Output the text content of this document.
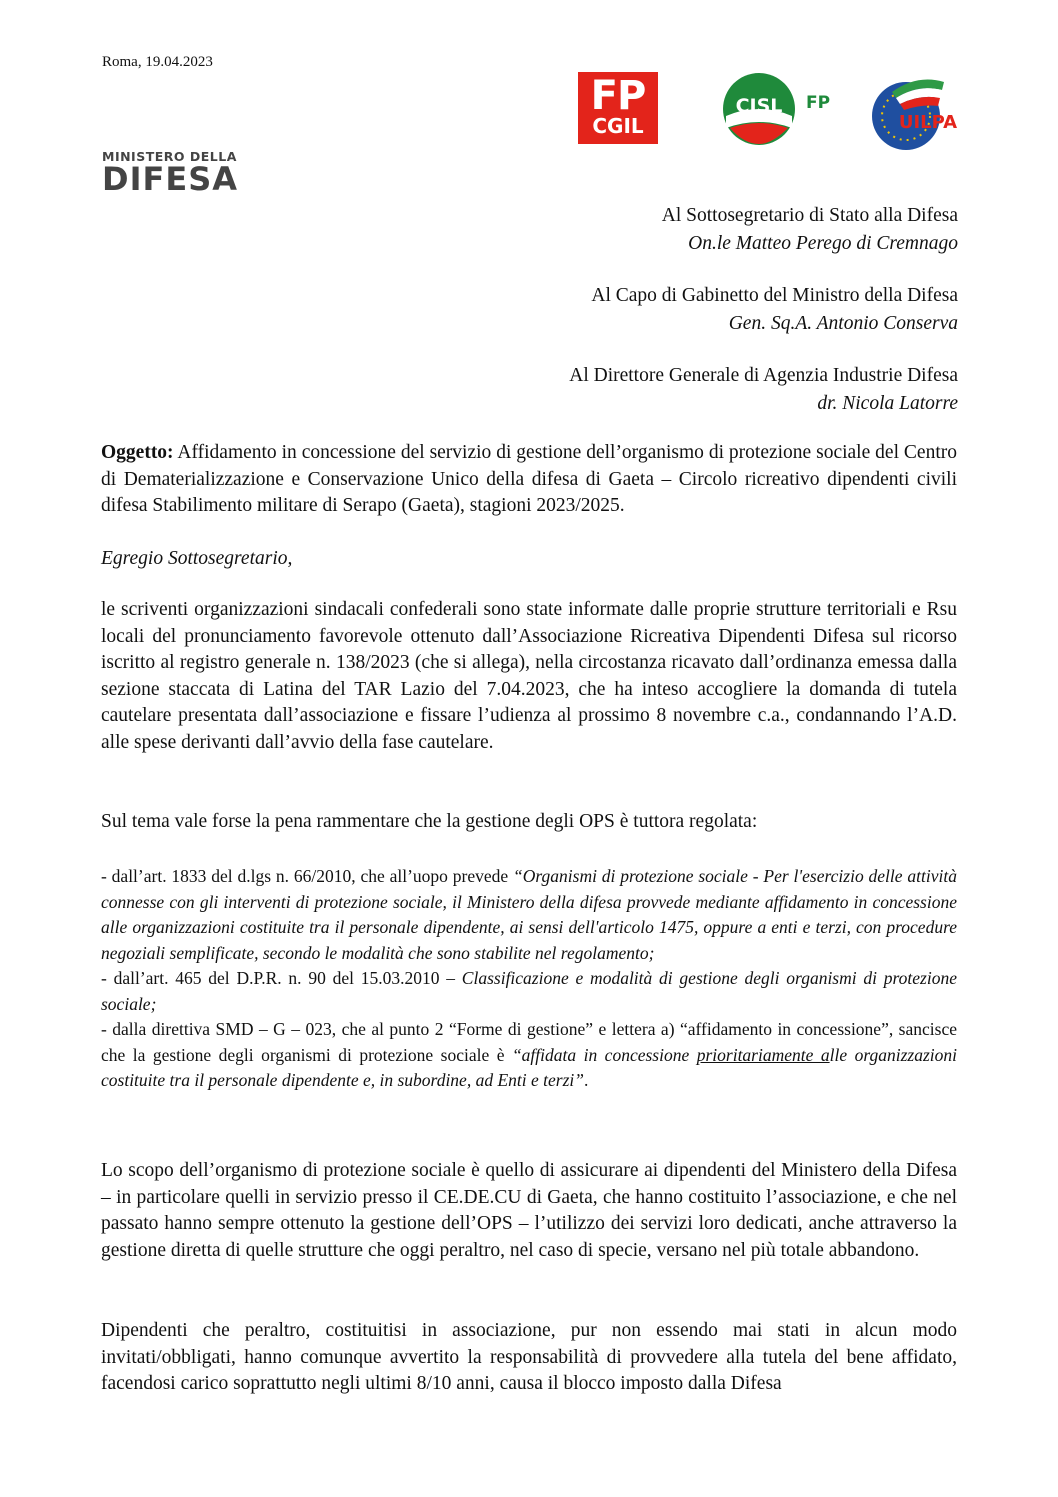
Roma, 19.04.2023
MINISTERO DELLA
DIFESA
FP
CGIL
CISL FP
UILPA
Al Sottosegretario di Stato alla Difesa
On.le Matteo Perego di Cremnago
Al Capo di Gabinetto del Ministro della Difesa
Gen. Sq.A. Antonio Conserva
Al Direttore Generale di Agenzia Industrie Difesa
dr. Nicola Latorre
Oggetto: Affidamento in concessione del servizio di gestione dell’organismo di protezione sociale del Centro di Dematerializzazione e Conservazione Unico della difesa di Gaeta – Circolo ricreativo dipendenti civili difesa Stabilimento militare di Serapo (Gaeta), stagioni 2023/2025.
Egregio Sottosegretario,
le scriventi organizzazioni sindacali confederali sono state informate dalle proprie strutture territoriali e Rsu locali del pronunciamento favorevole ottenuto dall’Associazione Ricreativa Dipendenti Difesa sul ricorso iscritto al registro generale n. 138/2023 (che si allega), nella circostanza ricavato dall’ordinanza emessa dalla sezione staccata di Latina del TAR Lazio del 7.04.2023, che ha inteso accogliere la domanda di tutela cautelare presentata dall’associazione e fissare l’udienza al prossimo 8 novembre c.a., condannando l’A.D. alle spese derivanti dall’avvio della fase cautelare.
Sul tema vale forse la pena rammentare che la gestione degli OPS è tuttora regolata:
- dall’art. 1833 del d.lgs n. 66/2010, che all’uopo prevede “Organismi di protezione sociale - Per l'esercizio delle attività connesse con gli interventi di protezione sociale, il Ministero della difesa provvede mediante affidamento in concessione alle organizzazioni costituite tra il personale dipendente, ai sensi dell'articolo 1475, oppure a enti e terzi, con procedure negoziali semplificate, secondo le modalità che sono stabilite nel regolamento;
- dall’art. 465 del D.P.R. n. 90 del 15.03.2010 – Classificazione e modalità di gestione degli organismi di protezione sociale;
- dalla direttiva SMD – G – 023, che al punto 2 “Forme di gestione” e lettera a) “affidamento in concessione”, sancisce che la gestione degli organismi di protezione sociale è “affidata in concessione prioritariamente alle organizzazioni costituite tra il personale dipendente e, in subordine, ad Enti e terzi”.
Lo scopo dell’organismo di protezione sociale è quello di assicurare ai dipendenti del Ministero della Difesa – in particolare quelli in servizio presso il CE.DE.CU di Gaeta, che hanno costituito l’associazione, e che nel passato hanno sempre ottenuto la gestione dell’OPS – l’utilizzo dei servizi loro dedicati, anche attraverso la gestione diretta di quelle strutture che oggi peraltro, nel caso di specie, versano nel più totale abbandono.
Dipendenti che peraltro, costituitisi in associazione, pur non essendo mai stati in alcun modo invitati/obbligati, hanno comunque avvertito la responsabilità di provvedere alla tutela del bene affidato, facendosi carico soprattutto negli ultimi 8/10 anni, causa il blocco imposto dalla Difesa
